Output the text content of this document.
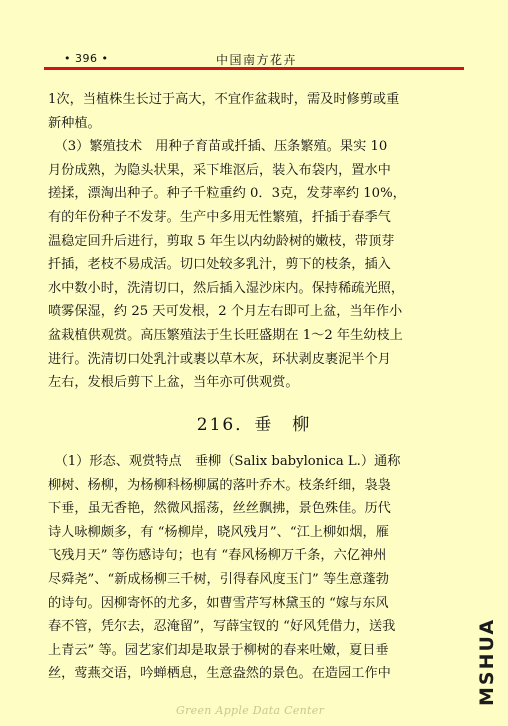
• 396 •	中国南方花卉
1次，当植株生长过于高大，不宜作盆栽时，需及时修剪或重
新种植。
　（3）繁殖技术　用种子育苗或扦插、压条繁殖。果实 10
月份成熟，为隐头状果，采下堆沤后，装入布袋内，置水中
搓揉，漂淘出种子。种子千粒重约 0．3克，发芽率约 10%，
有的年份种子不发芽。生产中多用无性繁殖，扦插于春季气
温稳定回升后进行，剪取 5 年生以内幼龄树的嫩枝，带顶芽
扦插，老枝不易成活。切口处较多乳汁，剪下的枝条，插入
水中数小时，洗清切口，然后插入湿沙床内。保持稀疏光照，
喷雾保湿，约 25 天可发根，2 个月左右即可上盆，当年作小
盆栽植供观赏。高压繁殖法于生长旺盛期在 1～2 年生幼枝上
进行。洗清切口处乳汁或裹以草木灰，环状剥皮裹泥半个月
左右，发根后剪下上盆，当年亦可供观赏。
216．垂　柳
　（1）形态、观赏特点　垂柳（Salix babylonica L.）通称
柳树、杨柳，为杨柳科杨柳属的落叶乔木。枝条纤细，袅袅
下垂，虽无香艳，然微风摇荡，丝丝飘拂，景色殊佳。历代
诗人咏柳颇多，有 “杨柳岸，晓风残月”、“江上柳如烟，雁
飞残月天” 等伤感诗句；也有 “春风杨柳万千条，六亿神州
尽舜尧”、“新成杨柳三千树，引得春风度玉门” 等生意蓬勃
的诗句。因柳寄怀的尤多，如曹雪芹写林黛玉的 “嫁与东风
春不管，凭尔去，忍淹留”，写薛宝钗的 “好风凭借力，送我
上青云” 等。园艺家们却是取景于柳树的春来吐嫩，夏日垂
丝，莺燕交语，吟蝉栖息，生意盎然的景色。在造园工作中	MSHUA
Green Apple Data Center
